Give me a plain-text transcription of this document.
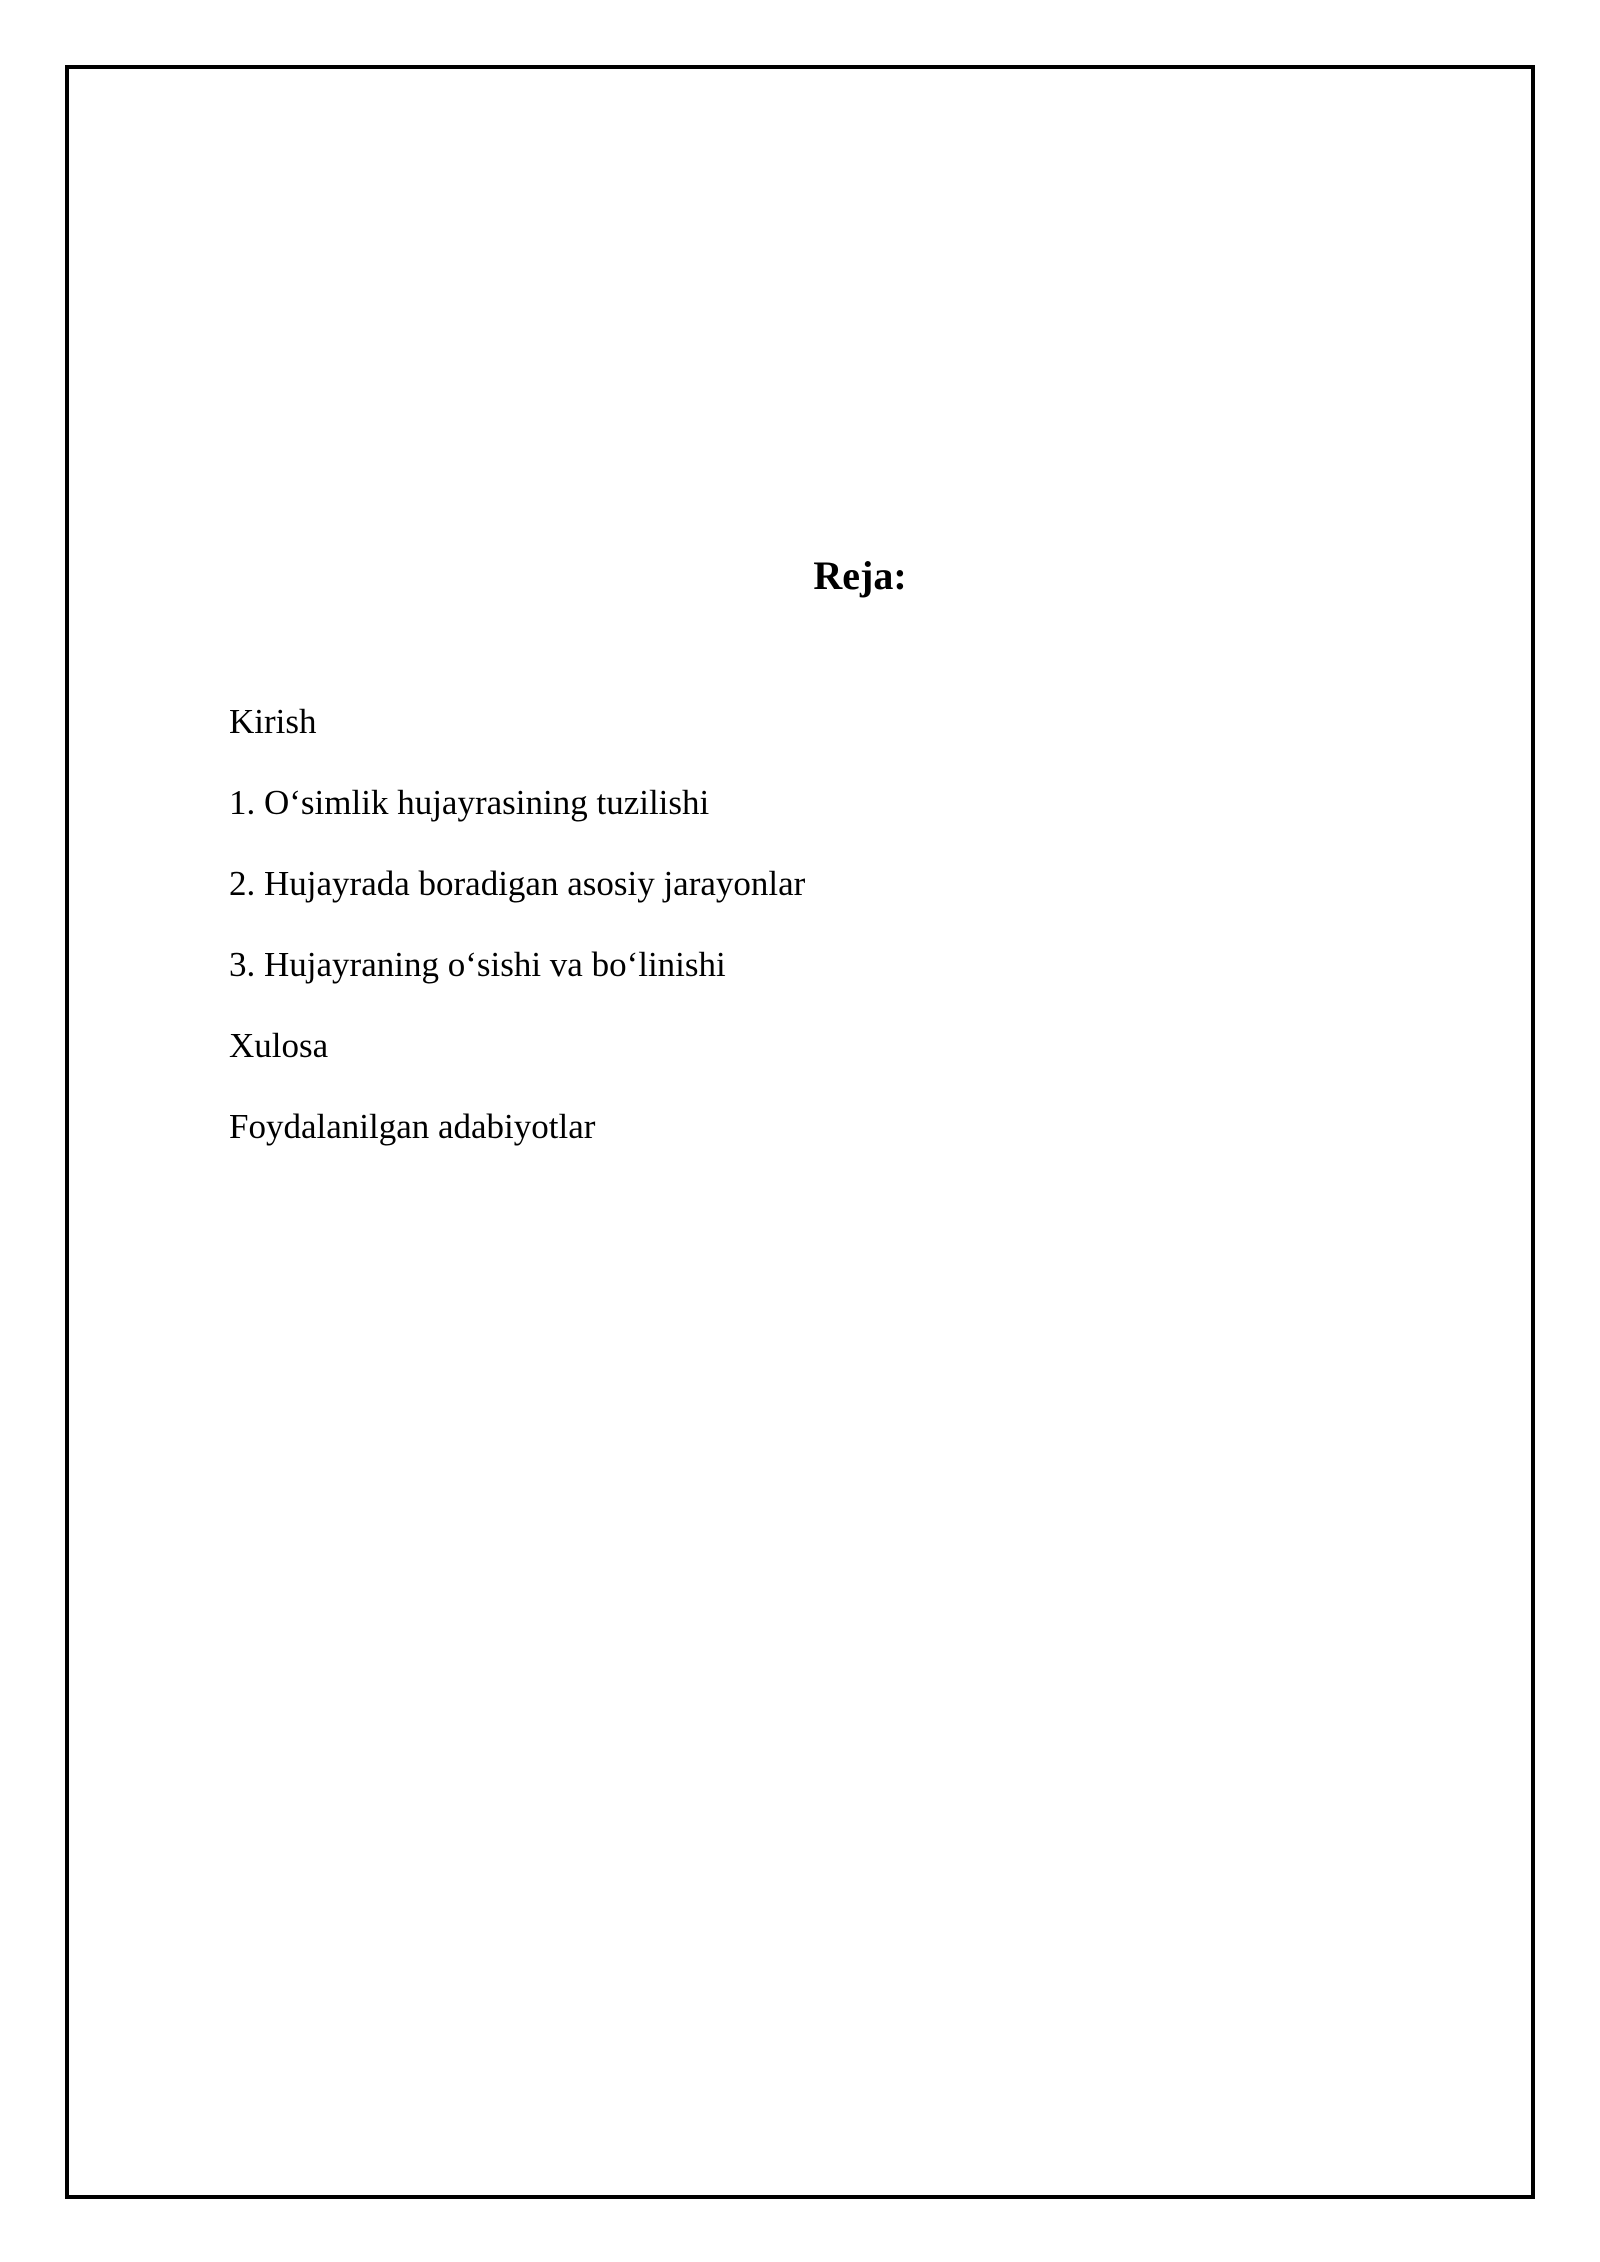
Reja:
Kirish
1. O‘simlik hujayrasining tuzilishi
2. Hujayrada boradigan asosiy jarayonlar
3. Hujayraning o‘sishi va bo‘linishi
Xulosa
Foydalanilgan adabiyotlar
